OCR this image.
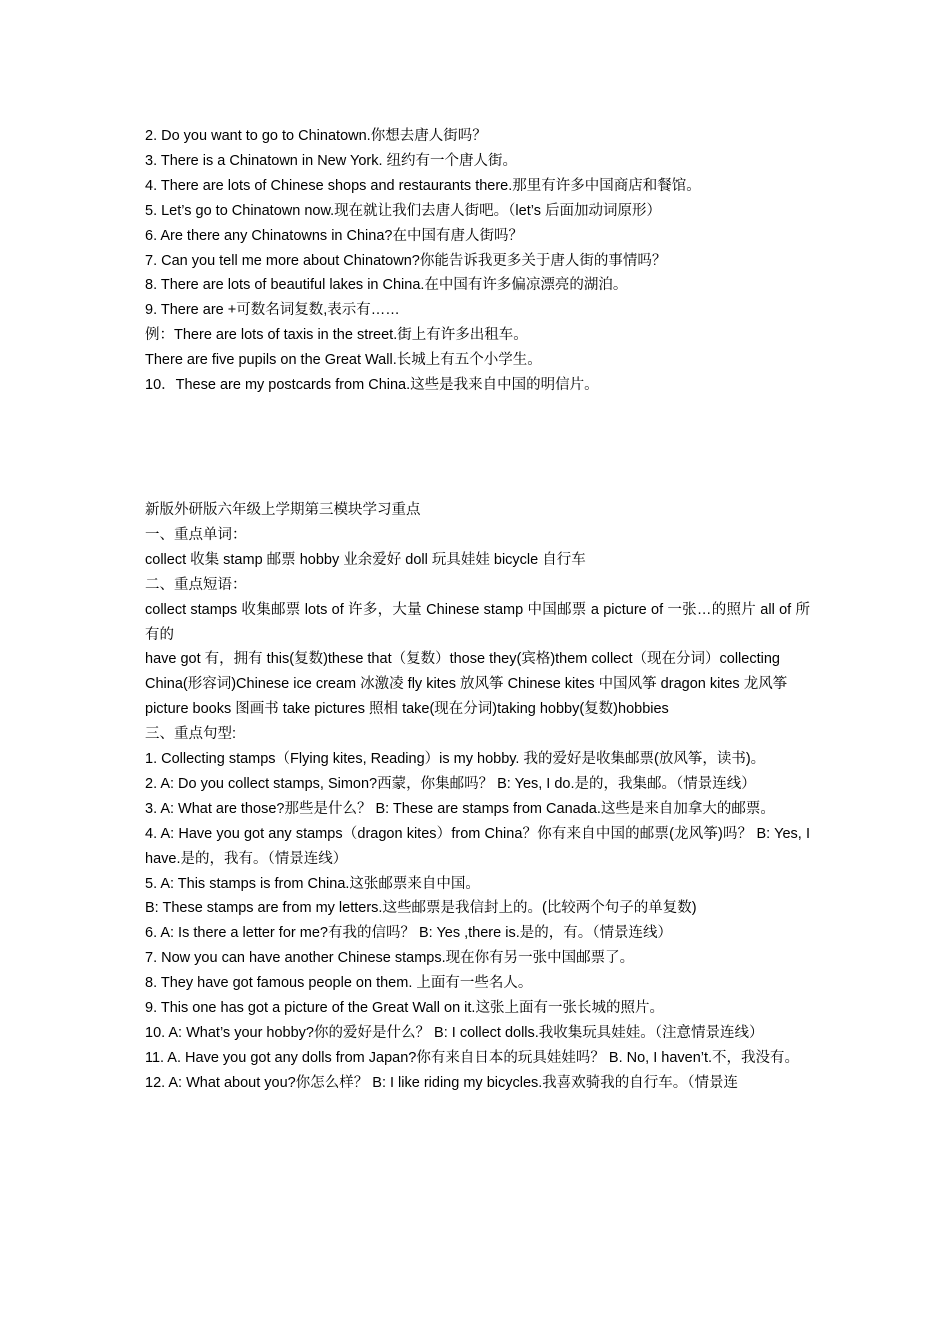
2. Do you want to go to Chinatown.你想去唐人街吗？

3. There is a Chinatown in New York. 纽约有一个唐人街。

4. There are lots of Chinese shops and restaurants there.那里有许多中国商店和餐馆。

5. Let’s go to Chinatown now.现在就让我们去唐人街吧。（let’s 后面加动词原形）

6. Are there any Chinatowns in China?在中国有唐人街吗？

7. Can you tell me more about Chinatown?你能告诉我更多关于唐人街的事情吗？

8. There are lots of beautiful lakes in China.在中国有许多偏凉漂亮的湖泊。

9. There are +可数名词复数,表示有……

例：There are lots of taxis in the street.街上有许多出租车。

There are five pupils on the Great Wall.长城上有五个小学生。

10．These are my postcards from China.这些是我来自中国的明信片。

新版外研版六年级上学期第三模块学习重点

一、重点单词：

collect 收集 stamp 邮票 hobby 业余爱好 doll 玩具娃娃 bicycle 自行车

二、重点短语：

collect stamps 收集邮票 lots of 许多，大量 Chinese stamp 中国邮票 a picture of 一张…的照片 all of 所有的

have got 有，拥有 this(复数)these that（复数）those they(宾格)them collect（现在分词）collecting

China(形容词)Chinese ice cream 冰激凌 fly kites 放风筝 Chinese kites 中国风筝 dragon kites 龙风筝

picture books 图画书 take pictures 照相 take(现在分词)taking hobby(复数)hobbies

三、重点句型:

1. Collecting stamps（Flying kites, Reading）is my hobby. 我的爱好是收集邮票(放风筝，读书)。

2. A: Do you collect stamps, Simon?西蒙，你集邮吗？ B: Yes, I do.是的，我集邮。（情景连线）

3. A: What are those?那些是什么？ B: These are stamps from Canada.这些是来自加拿大的邮票。

4. A: Have you got any stamps（dragon kites）from China？你有来自中国的邮票(龙风筝)吗？ B: Yes, I have.是的，我有。（情景连线）

5. A: This stamps is from China.这张邮票来自中国。

B: These stamps are from my letters.这些邮票是我信封上的。(比较两个句子的单复数)

6. A: Is there a letter for me?有我的信吗？ B: Yes ,there is.是的，有。（情景连线）

7. Now you can have another Chinese stamps.现在你有另一张中国邮票了。

8. They have got famous people on them. 上面有一些名人。

9. This one has got a picture of the Great Wall on it.这张上面有一张长城的照片。

10. A: What’s your hobby?你的爱好是什么？ B: I collect dolls.我收集玩具娃娃。（注意情景连线）

11. A. Have you got any dolls from Japan?你有来自日本的玩具娃娃吗？ B. No, I haven’t.不，我没有。

12. A: What about you?你怎么样？ B: I like riding my bicycles.我喜欢骑我的自行车。（情景连
